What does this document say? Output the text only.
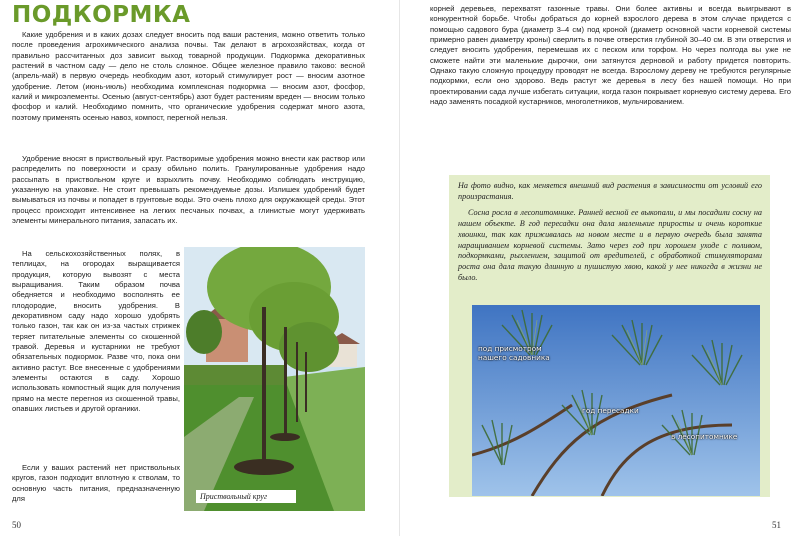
ПОДКОРМКА
Какие удобрения и в каких дозах следует вносить под ваши растения, можно ответить только после проведения агрохимического анализа почвы. Так делают в агрохозяйствах, когда от правильно рассчитанных доз зависит выход товарной продукции. Подкормка декоративных растений в частном саду — дело не столь сложное. Общее железное правило таково: весной (апрель-май) в первую очередь необходим азот, который стимулирует рост — вносим азотное удобрение. Летом (июнь-июль) необходима комплексная подкормка — вносим азот, фосфор, калий и микроэлементы. Осенью (август-сентябрь) азот будет растениям вреден — вносим только фосфор и калий. Необходимо помнить, что органические удобрения содержат много азота, поэтому применять осенью навоз, компост, перегной нельзя.
Удобрение вносят в приствольный круг. Растворимые удобрения можно внести как раствор или распределить по поверхности и сразу обильно полить. Гранулированные удобрения надо рассыпать в приствольном круге и взрыхлить почву. Необходимо соблюдать инструкцию, указанную на упаковке. Не стоит превышать рекомендуемые дозы. Излишек удобрений будет вымываться из почвы и попадет в грунтовые воды. Это очень плохо для окружающей среды. Этот процесс происходит интенсивнее на легких песчаных почвах, а глинистые могут удерживать элементы минерального питания, запасать их.
На сельскохозяйственных полях, в теплицах, на огородах выращивается продукция, которую вывозят с места выращивания. Таким образом почва обедняется и необходимо восполнять ее плодородие, вносить удобрения. В декоративном саду надо хорошо удобрять только газон, так как он из-за частых стрижек теряет питательные элементы со скошенной травой. Деревья и кустарники не требуют обязательных подкормок. Разве что, пока они активно растут. Все внесенные с удобрениями элементы остаются в саду. Хорошо использовать компостный ящик для получения прямо на месте перегноя из скошенной травы, опавших листьев и другой органики.
Если у ваших растений нет приствольных кругов, газон подходит вплотную к стволам, то основную часть питания, предназначенную для	Приствольный круг
50
корней деревьев, перехватят газонные травы. Они более активны и всегда выигрывают в конкурентной борьбе. Чтобы добраться до корней взрослого дерева в этом случае придется с помощью садового бура (диаметр 3–4 см) под кроной (диаметр основной части корневой системы примерно равен диаметру кроны) сверлить в почве отверстия глубиной 30–40 см. В эти отверстия и следует вносить удобрения, перемешав их с песком или торфом. Но через полгода вы уже не сможете найти эти маленькие дырочки, они затянутся дерновой и работу придется повторить. Однако такую сложную процедуру проводят не всегда. Взрослому дереву не требуются регулярные подкормки, если оно здорово. Ведь растут же деревья в лесу без нашей помощи. Но при проектировании сада лучше избегать ситуации, когда газон покрывает корневую систему дерева. Его надо заменять посадкой кустарников, многолетников, мульчированием.

На фото видно, как меняется внешний вид растения в зависимости от условий его произрастания.

Сосна росла в лесопитомнике. Ранней весной ее выкопали, и мы посадили сосну на нашем объекте. В год пересадки она дала маленькие приросты и очень короткие хвоинки, так как приживалась на новом месте и в первую очередь была занята наращиванием корневой системы. Зато через год при хорошем уходе с поливом, подкормками, рыхлением, защитой от вредителей, с обработкой стимуляторами роста она дала такую длинную и пушистую хвою, какой у нее никогда в жизни не было.

под присмотром нашего садовника
год пересадки
в лесопитомнике
51
